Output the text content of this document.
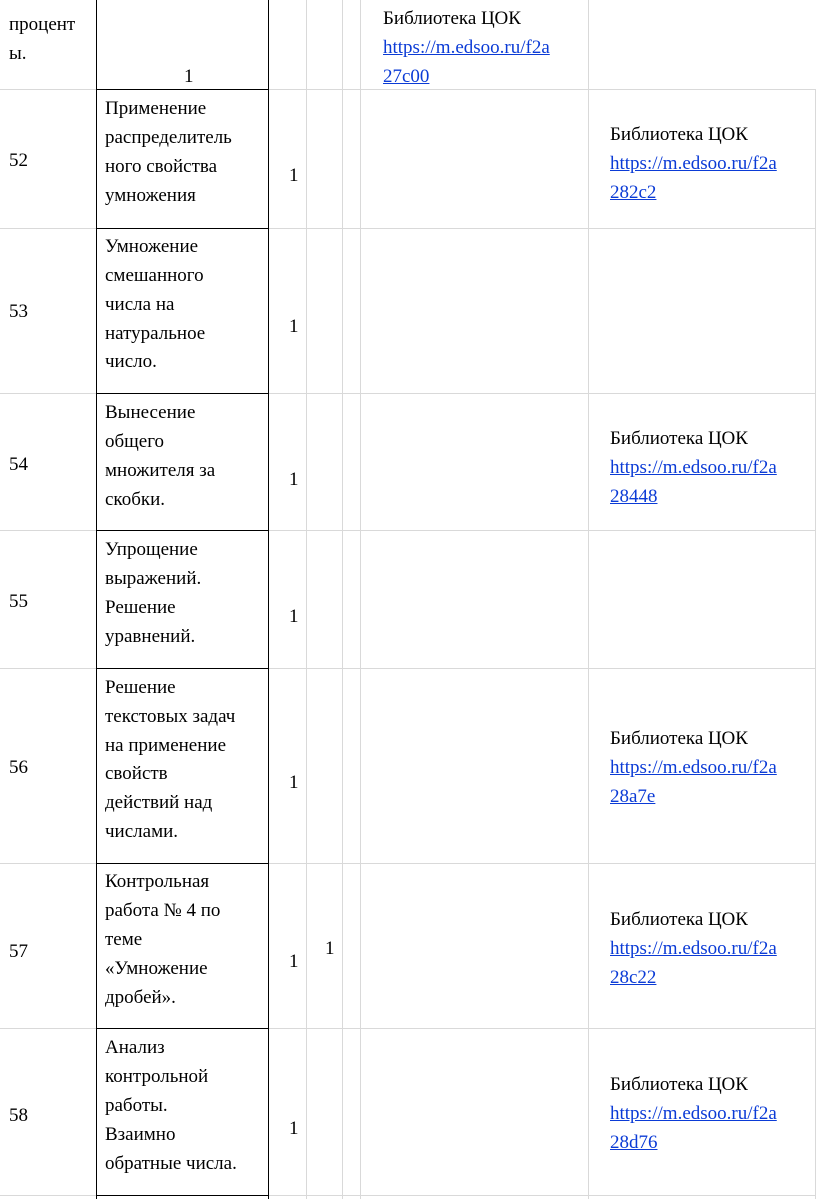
процент
ы.
1
Библиотека ЦОК
https://m.edsoo.ru/f2a
27c00
52
Применение
распределитель
ного свойства
умножения
1
Библиотека ЦОК
https://m.edsoo.ru/f2a
282c2
53
Умножение
смешанного
числа на
натуральное
число.
1
54
Вынесение
общего
множителя за
скобки.
1
Библиотека ЦОК
https://m.edsoo.ru/f2a
28448
55
Упрощение
выражений.
Решение
уравнений.
1
56
Решение
текстовых задач
на применение
свойств
действий над
числами.
1
Библиотека ЦОК
https://m.edsoo.ru/f2a
28a7e
57
Контрольная
работа № 4 по
теме
«Умножение
дробей».
1
1
Библиотека ЦОК
https://m.edsoo.ru/f2a
28c22
58
Анализ
контрольной
работы.
Взаимно
обратные числа.
1
Библиотека ЦОК
https://m.edsoo.ru/f2a
28d76
